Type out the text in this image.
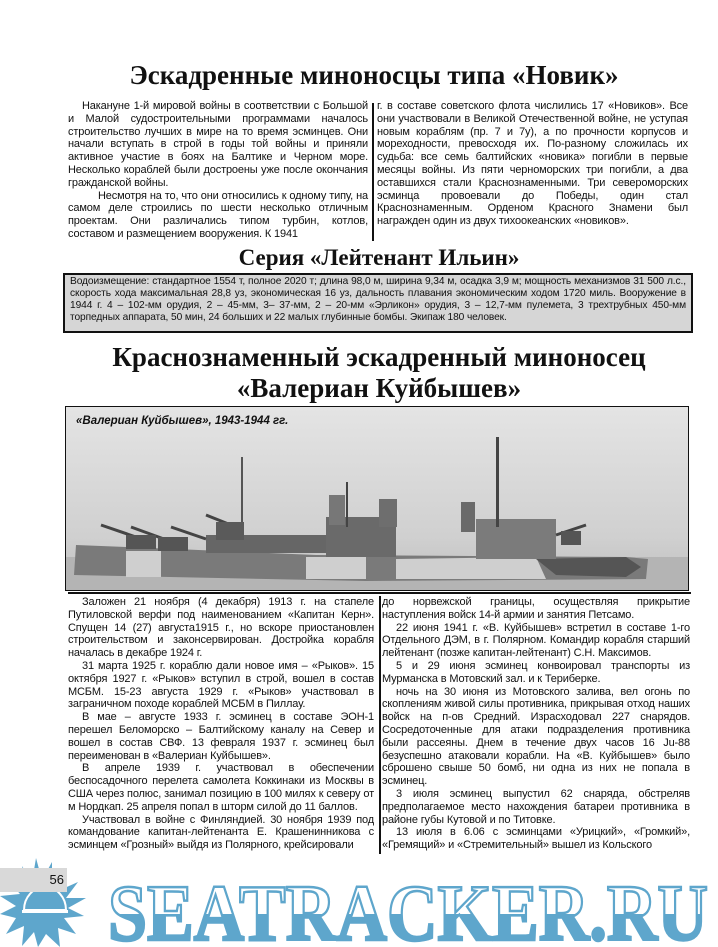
Эскадренные миноносцы типа «Новик»

Накануне 1-й мировой войны в соответствии с Большой и Малой судостроительными программами началось строительство лучших в мире на то время эсминцев. Они начали вступать в строй в годы той войны и приняли активное участие в боях на Балтике и Черном море. Несколько кораблей были достроены уже после окончания гражданской войны.

Несмотря на то, что они относились к одному типу, на самом деле строились по шести несколько отличным проектам. Они различались типом турбин, котлов, составом и размещением вооружения. К 1941

г. в составе советского флота числились 17 «Новиков». Все они участвовали в Великой Отечественной войне, не уступая новым кораблям (пр. 7 и 7у), а по прочности корпусов и мореходности, превосходя их. По-разному сложилась их судьба: все семь балтийских «новика» погибли в первые месяцы войны. Из пяти черноморских три погибли, а два оставшихся стали Краснознаменными. Три североморских эсминца провоевали до Победы, один стал Краснознаменным. Орденом Красного Знамени был награжден один из двух тихоокеанских «новиков».

Серия «Лейтенант Ильин»
Водоизмещение: стандартное 1554 т, полное 2020 т; длина 98,0 м, ширина 9,34 м, осадка 3,9 м; мощность механизмов 31 500 л.с., скорость хода максимальная 28,8 уз, экономическая 16 уз, дальность плавания экономическим ходом 1720 миль. Вооружение в 1944 г. 4 – 102-мм орудия, 2 – 45-мм, 3– 37-мм, 2 – 20-мм «Эрликон» орудия, 3 – 12,7-мм пулемета, 3 трехтрубных 450-мм торпедных аппарата, 50 мин, 24 больших и 22 малых глубинные бомбы. Экипаж 180 человек.
Краснознаменный эскадренный миноносец
«Валериан Куйбышев»
«Валериан Куйбышев», 1943-1944 гг.

Заложен 21 ноября (4 декабря) 1913 г. на стапеле Путиловской верфи под наименованием «Капитан Керн». Спущен 14 (27) августа1915 г., но вскоре приостановлен строительством и законсервирован. Достройка корабля началась в декабре 1924 г.

31 марта 1925 г. кораблю дали новое имя – «Рыков». 15 октября 1927 г. «Рыков» вступил в строй, вошел в состав МСБМ. 15-23 августа 1929 г. «Рыков» участвовал в заграничном походе кораблей МСБМ в Пиллау.

В мае – августе 1933 г. эсминец в составе ЭОН-1 перешел Беломорско – Балтийскому каналу на Север и вошел в состав СВФ. 13 февраля 1937 г. эсминец был переименован в «Валериан Куйбышев».

В апреле 1939 г. участвовал в обеспечении беспосадочного перелета самолета Коккинаки из Москвы в США через полюс, занимал позицию в 100 милях к северу от м Нордкап. 25 апреля попал в шторм силой до 11 баллов.

Участвовал в войне с Финляндией. 30 ноября 1939 под командование капитан-лейтенанта Е. Крашенинникова с эсминцем «Грозный» выйдя из Полярного, крейсировали

до норвежской границы, осуществляя прикрытие наступления войск 14-й армии и занятия Петсамо.

22 июня 1941 г. «В. Куйбышев» встретил в составе 1-го Отдельного ДЭМ, в г. Полярном. Командир корабля старший лейтенант (позже капитан-лейтенант) С.Н. Максимов.

5 и 29 июня эсминец конвоировал транспорты из Мурманска в Мотовский зал. и к Териберке.

ночь на 30 июня из Мотовского залива, вел огонь по скоплениям живой силы противника, прикрывая отход наших войск на п-ов Средний. Израсходовал 227 снарядов. Сосредоточенные для атаки подразделения противника были рассеяны. Днем в течение двух часов 16 Ju-88 безуспешно атаковали корабли. На «В. Куйбышев» было сброшено свыше 50 бомб, ни одна из них не попала в эсминец.

3 июля эсминец выпустил 62 снаряда, обстреляв предполагаемое место нахождения батареи противника в районе губы Кутовой и по Титовке.

13 июля в 6.06 с эсминцами «Урицкий», «Громкий», «Гремящий» и «Стремительный» вышел из Кольского

SEATRACKER.RU
56
